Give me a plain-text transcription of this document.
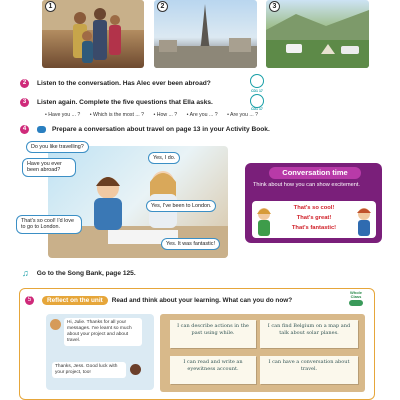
1	2	3
2	Listen to the conversation. Has Alec ever been abroad?
CD1 17
3	Listen again. Complete the five questions that Ella asks.
CD1 17
• Have you ... ? • Which is the most ... ? • How ... ? • Are you ... ? • Are you ... ?
4	Prepare a conversation about travel on page 13 in your Activity Book.
Do you like travelling?
Have you ever been abroad?
Yes, I do.
Yes, I've been to London.
That's so cool! I'd love to go to London.
Yes. It was fantastic!
Conversation time
Think about how you can show excitement.
That's so cool!
That's great!
That's fantastic!
♫ Go to the Song Bank, page 125.
5	Reflect on the unit	Read and think about your learning. What can you do now?
Whole
Class
Hi, Julie. Thanks for all your messages. I've learnt so much about your project and about travel.
Thanks, Jess. Good luck with your project, too!
I can describe actions in the past using while.
I can find Belgium on a map and talk about solar planes.
I can read and write an eyewitness account.
I can have a conversation about travel.
